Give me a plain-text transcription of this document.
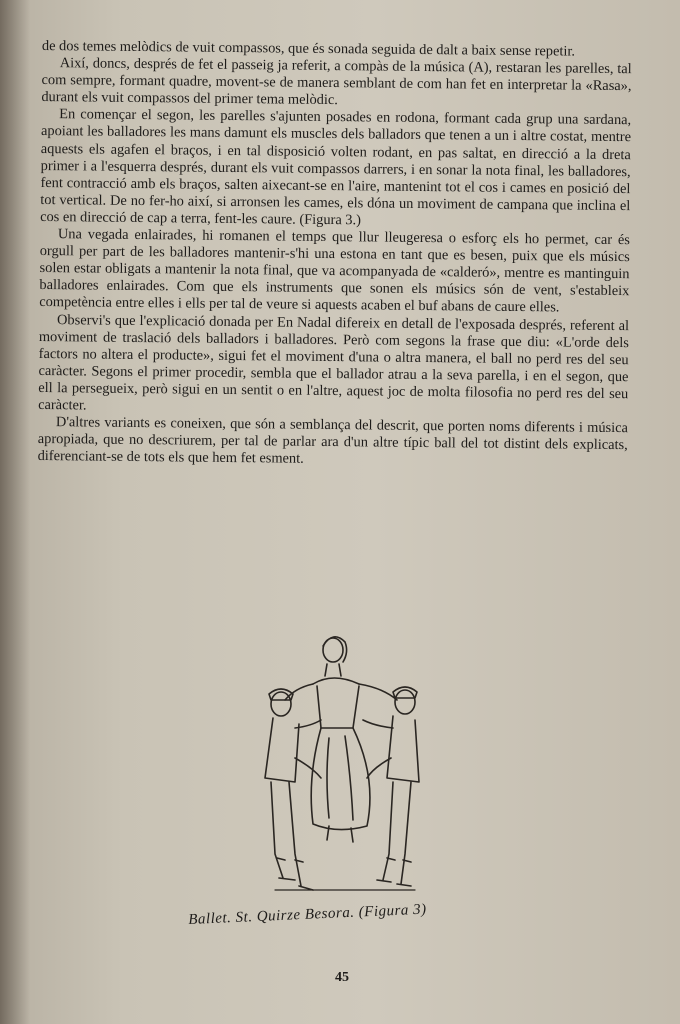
de dos temes melòdics de vuit compassos, que és sonada seguida de dalt a baix sense repetir.

Així, doncs, després de fet el passeig ja referit, a compàs de la música (A), restaran les parelles, tal com sempre, formant quadre, movent-se de manera semblant de com han fet en interpretar la «Rasa», durant els vuit compassos del primer tema melòdic.

En començar el segon, les parelles s'ajunten posades en rodona, formant cada grup una sardana, apoiant les balladores les mans damunt els muscles dels balladors que tenen a un i altre costat, mentre aquests els agafen el braços, i en tal disposició volten rodant, en pas saltat, en direcció a la dreta primer i a l'esquerra després, durant els vuit compassos darrers, i en sonar la nota final, les balladores, fent contracció amb els braços, salten aixecant-se en l'aire, mantenint tot el cos i cames en posició del tot vertical. De no fer-ho així, si arronsen les cames, els dóna un moviment de campana que inclina el cos en direcció de cap a terra, fent-les caure. (Figura 3.)

Una vegada enlairades, hi romanen el temps que llur lleugeresa o esforç els ho permet, car és orgull per part de les balladores mantenir-s'hi una estona en tant que es besen, puix que els músics solen estar obligats a mantenir la nota final, que va acompanyada de «calderó», mentre es mantinguin balladores enlairades. Com que els instruments que sonen els músics són de vent, s'estableix competència entre elles i ells per tal de veure si aquests acaben el buf abans de caure elles.

Observi's que l'explicació donada per En Nadal difereix en detall de l'exposada després, referent al moviment de traslació dels balladors i balladores. Però com segons la frase que diu: «L'orde dels factors no altera el producte», sigui fet el moviment d'una o altra manera, el ball no perd res del seu caràcter. Segons el primer procedir, sembla que el ballador atrau a la seva parella, i en el segon, que ell la persegueix, però sigui en un sentit o en l'altre, aquest joc de molta filosofia no perd res del seu caràcter.

D'altres variants es coneixen, que són a semblança del descrit, que porten noms diferents i música apropiada, que no descriurem, per tal de parlar ara d'un altre típic ball del tot distint dels explicats, diferenciant-se de tots els que hem fet esment.

Ballet. St. Quirze Besora. (Figura 3)
45
